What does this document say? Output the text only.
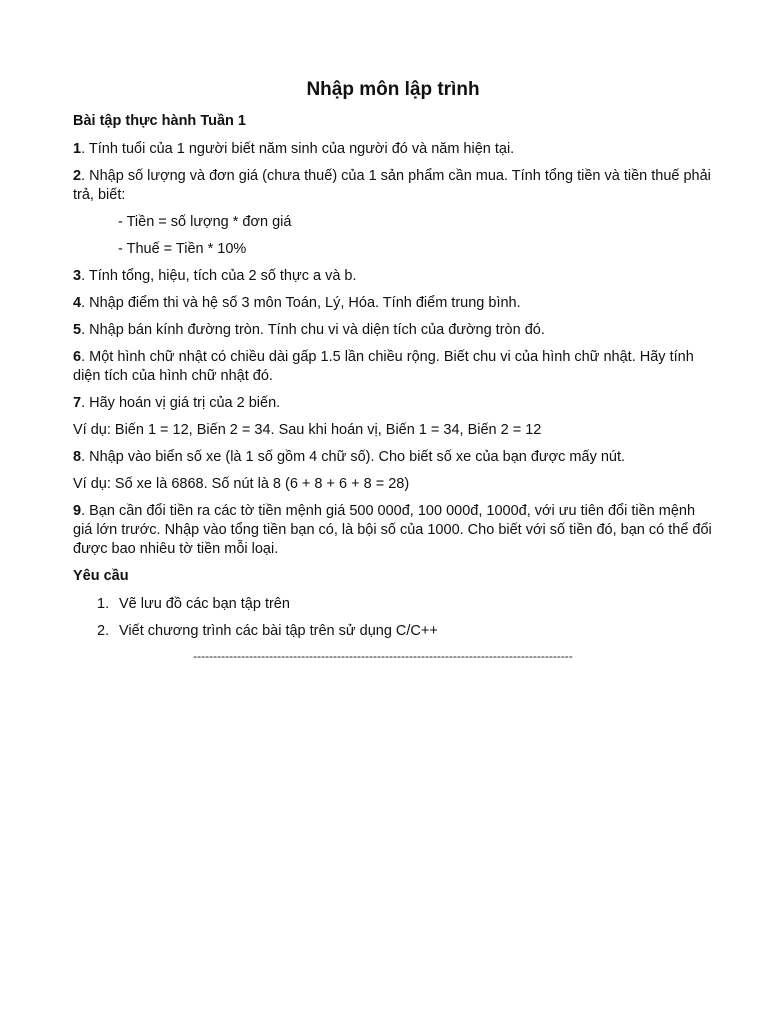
Nhập môn lập trình
Bài tập thực hành Tuần 1

1. Tính tuổi của 1 người biết năm sinh của người đó và năm hiện tại.

2. Nhập số lượng và đơn giá (chưa thuế) của 1 sản phẩm cần mua. Tính tổng tiền và tiền thuế phải trả, biết:

- Tiền = số lượng * đơn giá

- Thuế = Tiền * 10%

3. Tính tổng, hiệu, tích của 2 số thực a và b.

4. Nhập điểm thi và hệ số 3 môn Toán, Lý, Hóa. Tính điểm trung bình.

5. Nhập bán kính đường tròn. Tính chu vi và diện tích của đường tròn đó.

6. Một hình chữ nhật có chiều dài gấp 1.5 lần chiều rộng. Biết chu vi của hình chữ nhật. Hãy tính diện tích của hình chữ nhật đó.

7. Hãy hoán vị giá trị của 2 biến.

Ví dụ: Biến 1 = 12, Biến 2 = 34. Sau khi hoán vị, Biến 1 = 34, Biến 2 = 12

8. Nhập vào biển số xe (là 1 số gồm 4 chữ số). Cho biết số xe của bạn được mấy nút.

Ví dụ: Số xe là 6868. Số nút là 8 (6 + 8 + 6 + 8 = 28)

9. Bạn cần đổi tiền ra các tờ tiền mệnh giá 500 000đ, 100 000đ, 1000đ, với ưu tiên đổi tiền mệnh giá lớn trước. Nhập vào tổng tiền bạn có, là bội số của 1000. Cho biết với số tiền đó, bạn có thể đổi được bao nhiêu tờ tiền mỗi loại.

Yêu cầu
1. Vẽ lưu đồ các bạn tập trên
2. Viết chương trình các bài tập trên sử dụng C/C++
-----------------------------------------------------------------------------------------------
